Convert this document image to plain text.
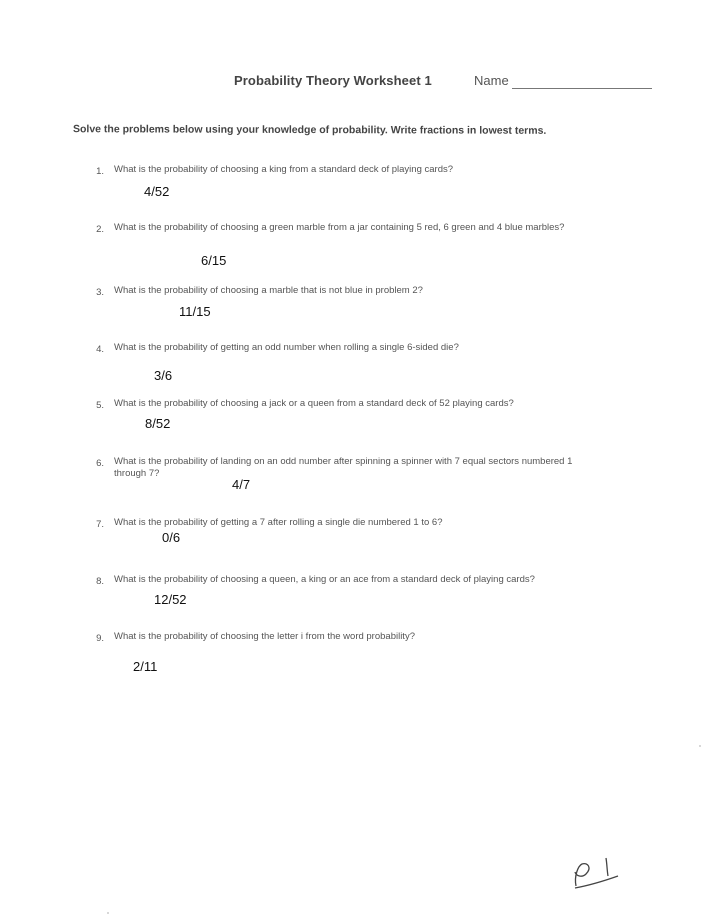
Probability Theory Worksheet 1	Name
Solve the problems below using your knowledge of probability. Write fractions in lowest terms.
1. What is the probability of choosing a king from a standard deck of playing cards?
4/52
2. What is the probability of choosing a green marble from a jar containing 5 red, 6 green and 4 blue marbles?
6/15
3. What is the probability of choosing a marble that is not blue in problem 2?
11/15
4. What is the probability of getting an odd number when rolling a single 6-sided die?
3/6
5. What is the probability of choosing a jack or a queen from a standard deck of 52 playing cards?
8/52
6. What is the probability of landing on an odd number after spinning a spinner with 7 equal sectors numbered 1 through 7?
4/7
7. What is the probability of getting a 7 after rolling a single die numbered 1 to 6?
0/6
8. What is the probability of choosing a queen, a king or an ace from a standard deck of playing cards?
12/52
9. What is the probability of choosing the letter i from the word probability?
2/11
